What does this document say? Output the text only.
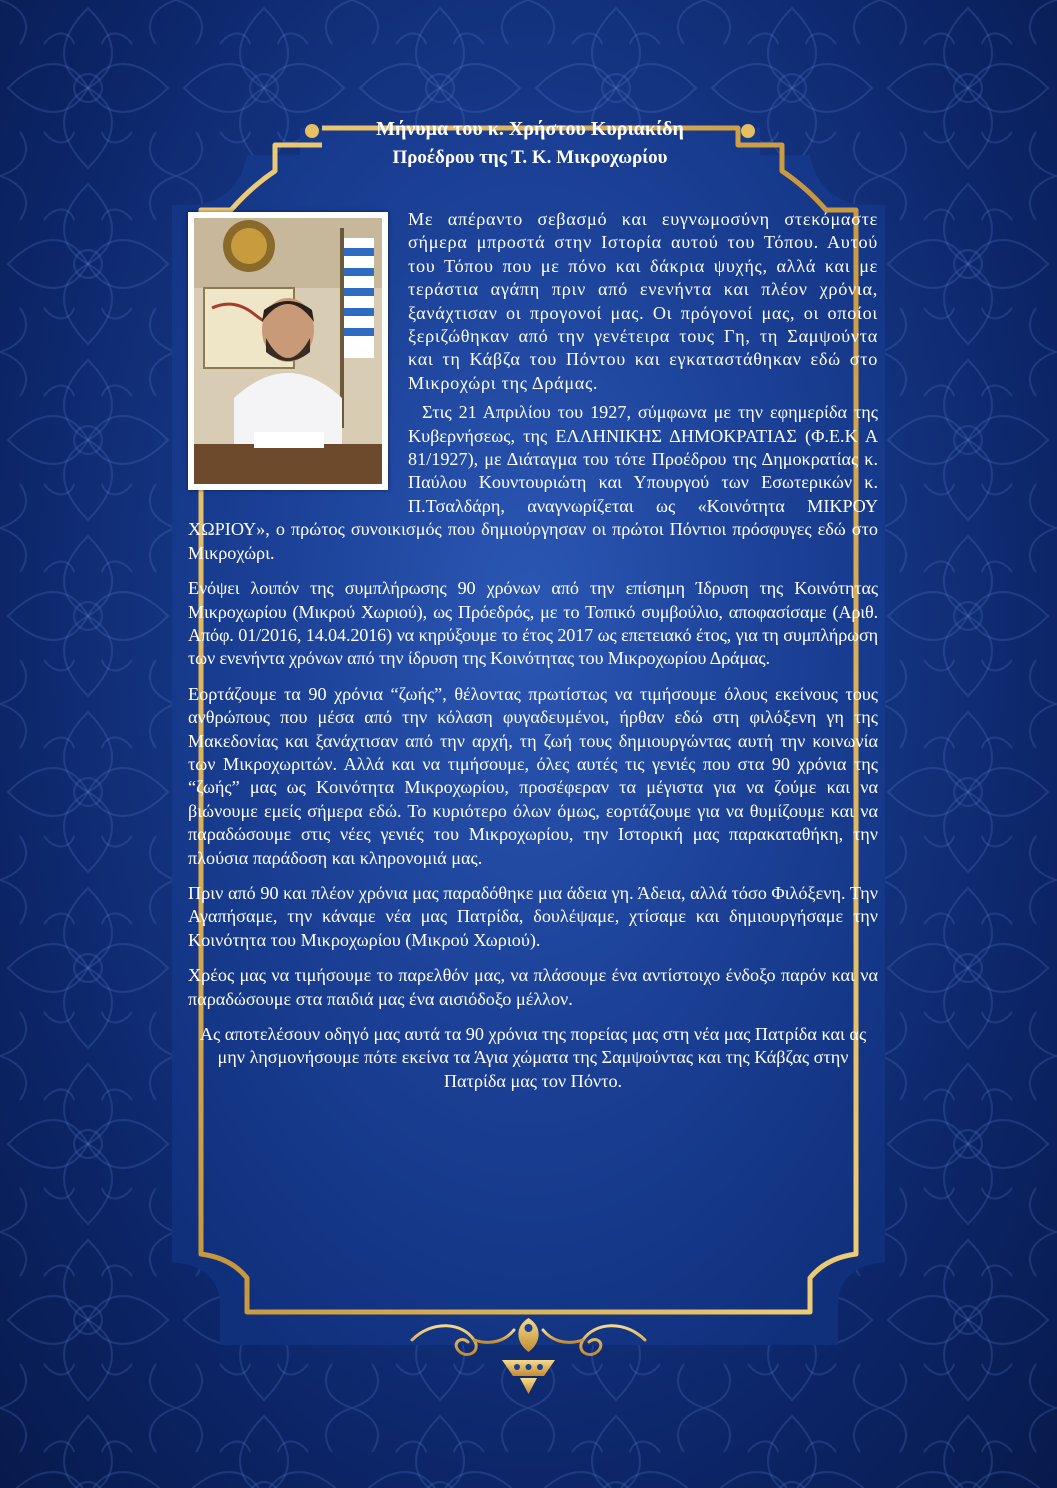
Μήνυμα του κ. Χρήστου Κυριακίδη
Προέδρου της Τ. Κ. Μικροχωρίου

Με απέραντο σεβασμό και ευγνωμοσύνη στεκόμαστε σήμερα μπροστά στην Ιστορία αυτού του Τόπου. Αυτού του Τόπου που με πόνο και δάκρια ψυχής, αλλά και με τεράστια αγάπη πριν από ενενήντα και πλέον χρόνια, ξανάχτισαν οι προγονοί μας. Οι πρόγονοί μας, οι οποίοι ξεριζώθηκαν από την γενέτειρα τους Γη, τη Σαμψούντα και τη Κάβζα του Πόντου και εγκαταστάθηκαν εδώ στο Μικροχώρι της Δράμας.

Στις 21 Απριλίου του 1927, σύμφωνα με την εφημερίδα της Κυβερνήσεως, της ΕΛΛΗΝΙΚΗΣ ΔΗΜΟΚΡΑΤΙΑΣ (Φ.Ε.Κ Α 81/1927), με Διάταγμα του τότε Προέδρου της Δημοκρατίας κ. Παύλου Κουντουριώτη και Υπουργού των Εσωτερικών κ. Π.Τσαλδάρη, αναγνωρίζεται ως «Κοινότητα ΜΙΚΡΟΥ ΧΩΡΙΟΥ», ο πρώτος συνοικισμός που δημιούργησαν οι πρώτοι Πόντιοι πρόσφυγες εδώ στο Μικροχώρι.

Ενόψει λοιπόν της συμπλήρωσης 90 χρόνων από την επίσημη Ίδρυση της Κοινότητας Μικροχωρίου (Μικρού Χωριού), ως Πρόεδρός, με το Τοπικό συμβούλιο, αποφασίσαμε (Αριθ. Απόφ. 01/2016, 14.04.2016) να κηρύξουμε το έτος 2017 ως επετειακό έτος, για τη συμπλήρωση των ενενήντα χρόνων από την ίδρυση της Κοινότητας του Μικροχωρίου Δράμας.

Εορτάζουμε τα 90 χρόνια “ζωής”, θέλοντας πρωτίστως να τιμήσουμε όλους εκείνους τους ανθρώπους που μέσα από την κόλαση φυγαδευμένοι, ήρθαν εδώ στη φιλόξενη γη της Μακεδονίας και ξανάχτισαν από την αρχή, τη ζωή τους δημιουργώντας αυτή την κοινωνία των Μικροχωριτών. Αλλά και να τιμήσουμε, όλες αυτές τις γενιές που στα 90 χρόνια της “ζωής” μας ως Κοινότητα Μικροχωρίου, προσέφεραν τα μέγιστα για να ζούμε και να βιώνουμε εμείς σήμερα εδώ. Το κυριότερο όλων όμως, εορτάζουμε για να θυμίζουμε και να παραδώσουμε στις νέες γενιές του Μικροχωρίου, την Ιστορική μας παρακαταθήκη, την πλούσια παράδοση και κληρονομιά μας.

Πριν από 90 και πλέον χρόνια μας παραδόθηκε μια άδεια γη. Άδεια, αλλά τόσο Φιλόξενη. Την Αγαπήσαμε, την κάναμε νέα μας Πατρίδα, δουλέψαμε, χτίσαμε και δημιουργήσαμε την Κοινότητα του Μικροχωρίου (Μικρού Χωριού).

Χρέος μας να τιμήσουμε το παρελθόν μας, να πλάσουμε ένα αντίστοιχο ένδοξο παρόν και να παραδώσουμε στα παιδιά μας ένα αισιόδοξο μέλλον.

Ας αποτελέσουν οδηγό μας αυτά τα 90 χρόνια της πορείας μας στη νέα μας Πατρίδα και ας μην λησμονήσουμε πότε εκείνα τα Άγια χώματα της Σαμψούντας και της Κάβζας στην Πατρίδα μας τον Πόντο.
